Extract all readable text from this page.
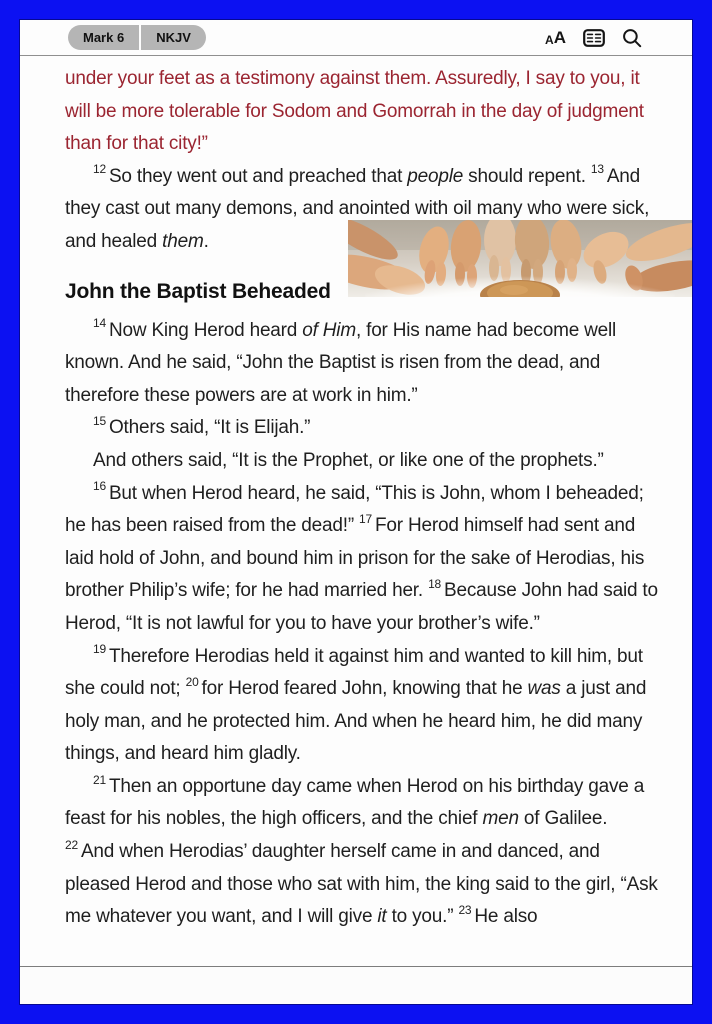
Mark 6	NKJV	A A

under your feet as a testimony against them. Assuredly, I say to you, it will be more tolerable for Sodom and Gomorrah in the day of judgment than for that city!”

$^{12}$ So they went out and preached that people should repent. $^{13}$ And they cast out many demons, and anointed with oil many who were sick, and healed them.

John the Baptist Beheaded

$^{14}$ Now King Herod heard of Him, for His name had become well known. And he said, “John the Baptist is risen from the dead, and therefore these powers are at work in him.”

$^{15}$ Others said, “It is Elijah.”

And others said, “It is the Prophet, or like one of the prophets.”

$^{16}$ But when Herod heard, he said, “This is John, whom I beheaded; he has been raised from the dead!” $^{17}$ For Herod himself had sent and laid hold of John, and bound him in prison for the sake of Herodias, his brother Philip’s wife; for he had married her. $^{18}$ Because John had said to Herod, “It is not lawful for you to have your brother’s wife.”

$^{19}$ Therefore Herodias held it against him and wanted to kill him, but she could not; $^{20}$ for Herod feared John, knowing that he was a just and holy man, and he protected him. And when he heard him, he did many things, and heard him gladly.

$^{21}$ Then an opportune day came when Herod on his birthday gave a feast for his nobles, the high officers, and the chief men of Galilee. $^{22}$ And when Herodias’ daughter herself came in and danced, and pleased Herod and those who sat with him, the king said to the girl, “Ask me whatever you want, and I will give it to you.” $^{23}$ He also
